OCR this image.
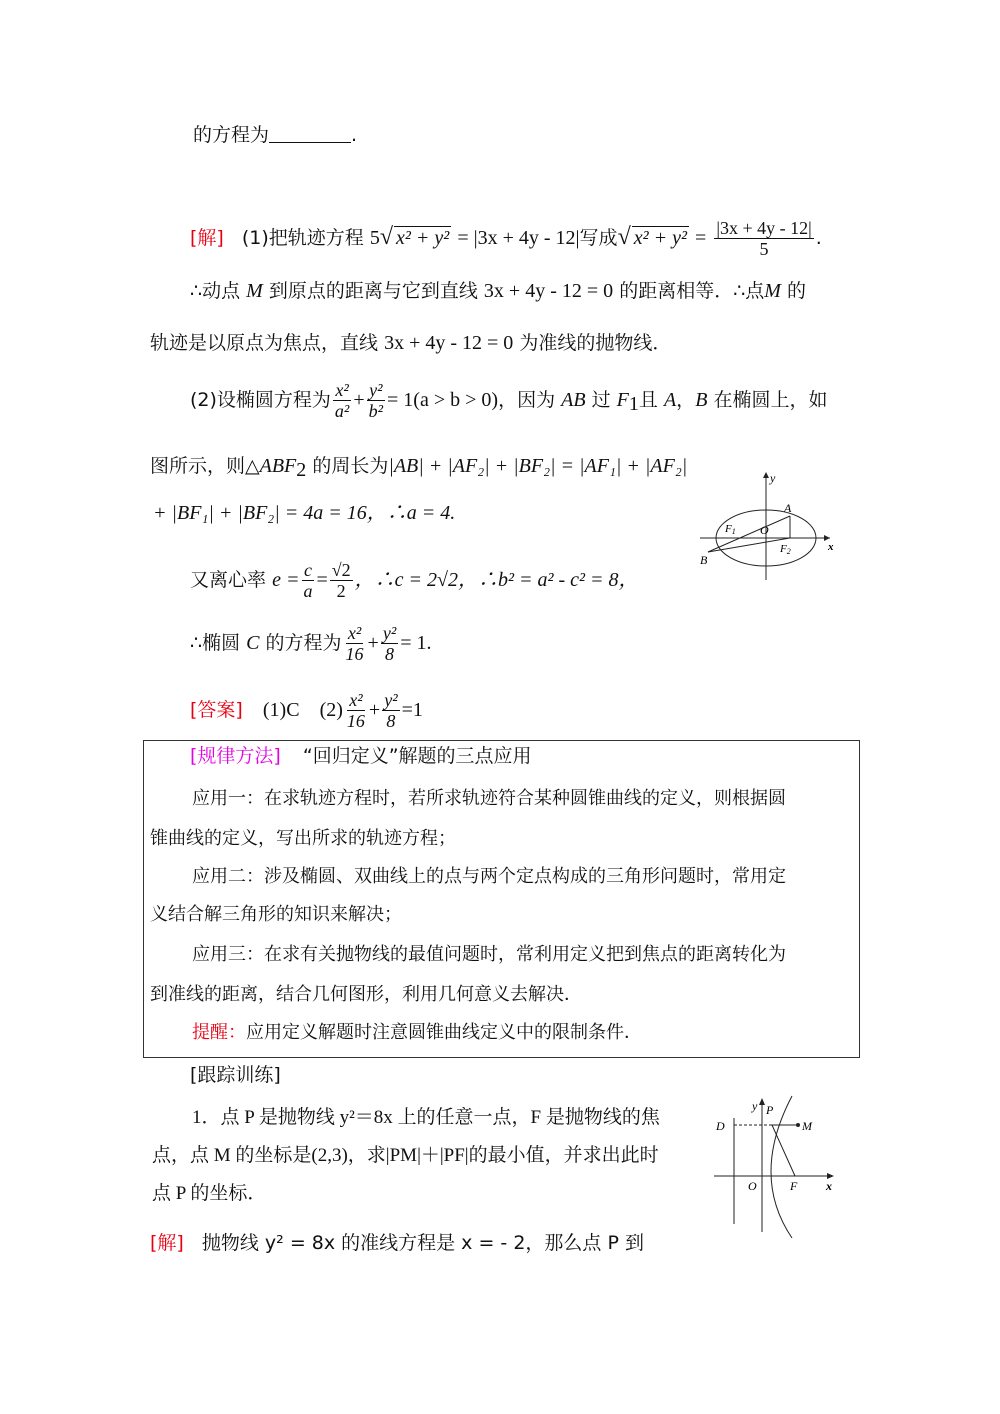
的方程为	.
[解] (1)把轨迹方程 5√ x² + y² = |3x + 4y - 12|写成√ $x^2 + y^2 = \frac{|3x + 4y - 12|}{5}$ .
∴动点 M 到原点的距离与它到直线 3x + 4y - 12 = 0 的距离相等．∴点M 的
轨迹是以原点为焦点，直线 3x + 4y - 12 = 0 为准线的抛物线．
(2)设椭圆方程为 $\frac{\text{x²}}{\text{a²}} + \frac{\text{y²}}{\text{b²}} = 1(a > b > 0)$，因为 AB 过 $F_1$且 A，B 在椭圆上，如
图所示，则$\triangle ABF_2$ 的周长为|AB| + |AF₂| + |BF₂| = |AF₁| + |AF₂|
+ |BF₁| + |BF₂| = 4a = 16，∴a = 4.
y
x
A
B
O
F1
F2
又离心率 $e = \frac{c}{a} = \frac{√2}{2}$ ，∴c = 2√2，∴b² = a² - c² = 8，
∴椭圆 C 的方程为 $\frac{\text{x²}}{16} + \frac{\text{y²}}{8} = 1$.
[答案] (1)C $(2) \frac{\text{x²}}{16} + \frac{\text{y²}}{8} =1$
[规律方法] “回归定义”解题的三点应用
应用一：在求轨迹方程时，若所求轨迹符合某种圆锥曲线的定义，则根据圆
锥曲线的定义，写出所求的轨迹方程；
应用二：涉及椭圆、双曲线上的点与两个定点构成的三角形问题时，常用定
义结合解三角形的知识来解决；
应用三：在求有关抛物线的最值问题时，常利用定义把到焦点的距离转化为
到准线的距离，结合几何图形，利用几何意义去解决．
提醒：应用定义解题时注意圆锥曲线定义中的限制条件．
[跟踪训练]
1．点 P 是抛物线 y²＝8x 上的任意一点，F 是抛物线的焦
点，点 M 的坐标是(2,3)，求|PM|＋|PF|的最小值，并求出此时
点 P 的坐标．
y P
M
D
O	F x
[解] 抛物线 y² = 8x 的准线方程是 x = - 2，那么点 P 到
